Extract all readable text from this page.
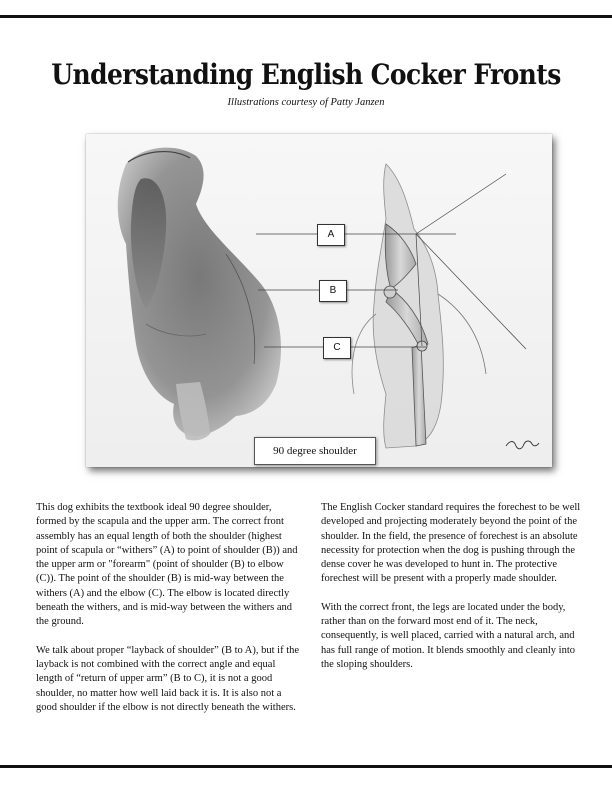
Understanding English Cocker Fronts
Illustrations courtesy of Patty Janzen
A
B
C
90 degree shoulder

This dog exhibits the textbook ideal 90 degree shoulder, formed by the scapula and the upper arm. The correct front assembly has an equal length of both the shoulder (highest point of scapula or “withers” (A) to point of shoulder (B)) and the upper arm or "forearm" (point of shoulder (B) to elbow (C)). The point of the shoulder (B) is mid-way between the withers (A) and the elbow (C). The elbow is located directly beneath the withers, and is mid-way between the withers and the ground.

We talk about proper “layback of shoulder” (B to A), but if the layback is not combined with the correct angle and equal length of “return of upper arm” (B to C), it is not a good shoulder, no matter how well laid back it is. It is also not a good shoulder if the elbow is not directly beneath the withers.

The English Cocker standard requires the forechest to be well developed and projecting moderately beyond the point of the shoulder. In the field, the presence of forechest is an absolute necessity for protection when the dog is pushing through the dense cover he was developed to hunt in. The protective forechest will be present with a properly made shoulder.

With the correct front, the legs are located under the body, rather than on the forward most end of it. The neck, consequently, is well placed, carried with a natural arch, and has full range of motion. It blends smoothly and cleanly into the sloping shoulders.
